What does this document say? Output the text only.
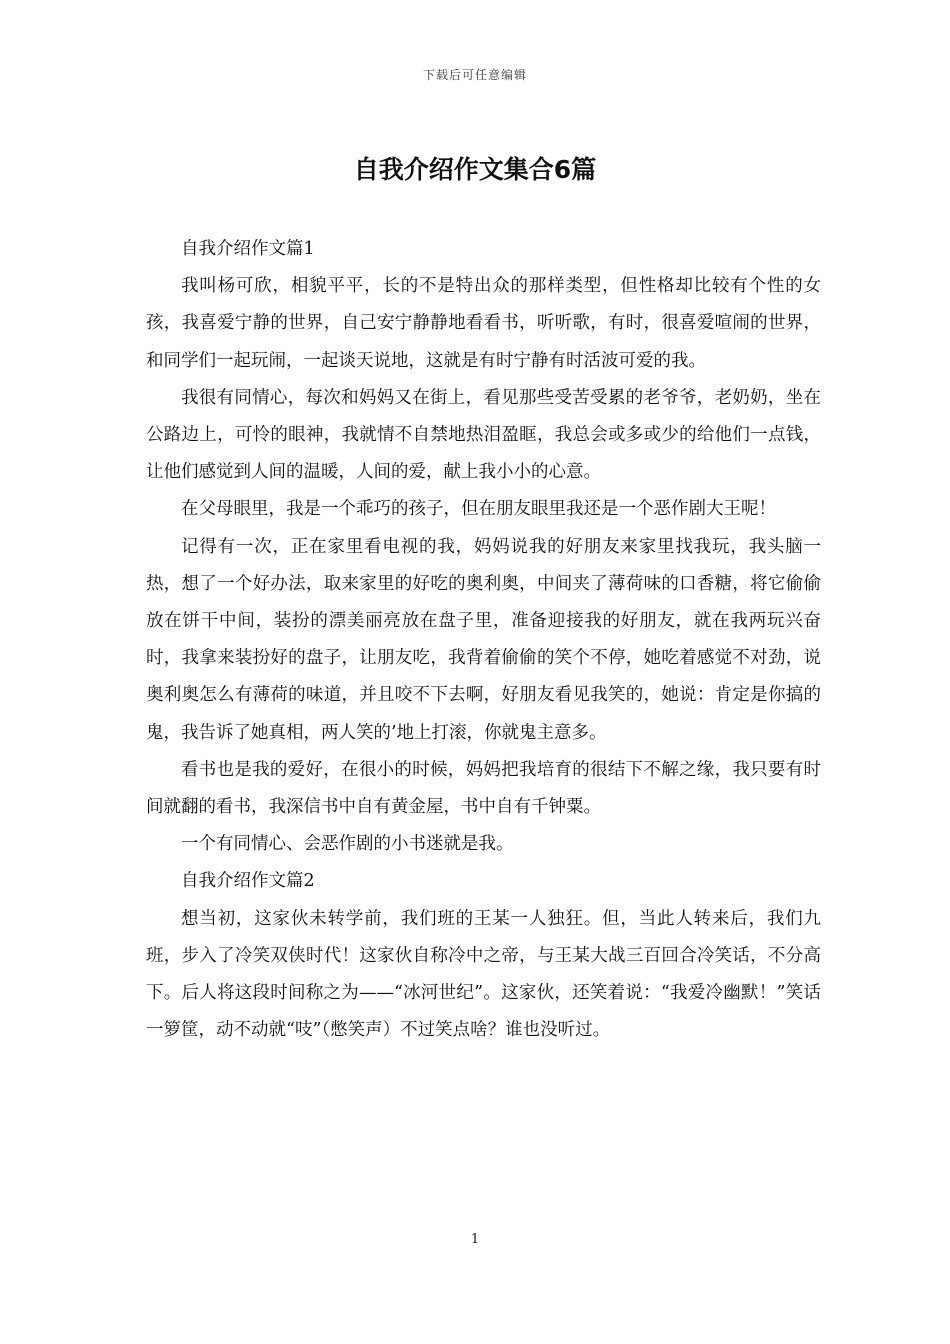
下载后可任意编辑
自我介绍作文集合6篇

自我介绍作文篇1

我叫杨可欣，相貌平平，长的不是特出众的那样类型，但性格却比较有个性的女孩，我喜爱宁静的世界，自己安宁静静地看看书，听听歌，有时，很喜爱喧闹的世界，和同学们一起玩闹，一起谈天说地，这就是有时宁静有时活波可爱的我。

我很有同情心，每次和妈妈又在街上，看见那些受苦受累的老爷爷，老奶奶，坐在公路边上，可怜的眼神，我就情不自禁地热泪盈眶，我总会或多或少的给他们一点钱，让他们感觉到人间的温暖，人间的爱，献上我小小的心意。

在父母眼里，我是一个乖巧的孩子，但在朋友眼里我还是一个恶作剧大王呢！

记得有一次，正在家里看电视的我，妈妈说我的好朋友来家里找我玩，我头脑一热，想了一个好办法，取来家里的好吃的奥利奥，中间夹了薄荷味的口香糖，将它偷偷放在饼干中间，装扮的漂美丽亮放在盘子里，准备迎接我的好朋友，就在我两玩兴奋时，我拿来装扮好的盘子，让朋友吃，我背着偷偷的笑个不停，她吃着感觉不对劲，说奥利奥怎么有薄荷的味道，并且咬不下去啊，好朋友看见我笑的，她说：肯定是你搞的鬼，我告诉了她真相，两人笑的’地上打滚，你就鬼主意多。

看书也是我的爱好，在很小的时候，妈妈把我培育的很结下不解之缘，我只要有时间就翻的看书，我深信书中自有黄金屋，书中自有千钟粟。

一个有同情心、会恶作剧的小书迷就是我。

自我介绍作文篇2

想当初，这家伙未转学前，我们班的王某一人独狂。但，当此人转来后，我们九班，步入了冷笑双侠时代！这家伙自称冷中之帝，与王某大战三百回合冷笑话，不分高下。后人将这段时间称之为——“冰河世纪”。这家伙，还笑着说：“我爱冷幽默！”笑话一箩筐，动不动就“吱”（憋笑声）不过笑点啥？谁也没听过。

1
